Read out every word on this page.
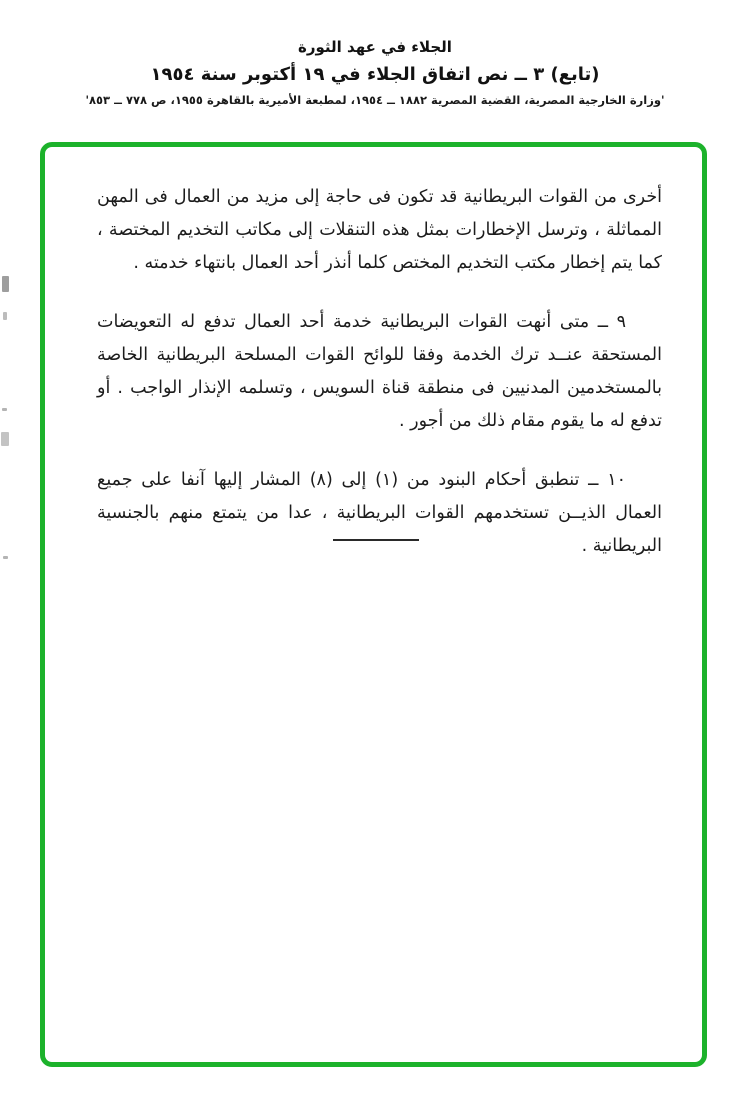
الجلاء في عهد الثورة
(تابع) ٣ ــ نص اتفاق الجلاء في ١٩ أكتوبر سنة ١٩٥٤
'وزارة الخارجية المصرية، القضية المصرية ١٨٨٢ ــ ١٩٥٤، لمطبعة الأميرية بالقاهرة ١٩٥٥، ص ٧٧٨ ــ ٨٥٣'

أخرى من القوات البريطانية قد تكون فى حاجة إلى مزيد من العمال فى المهن المماثلة ، وترسل الإخطارات بمثل هذه التنقلات إلى مكاتب التخديم المختصة ، كما يتم إخطار مكتب التخديم المختص كلما أنذر أحد العمال بانتهاء خدمته .

٩ ــ متى أنهت القوات البريطانية خدمة أحد العمال تدفع له التعويضات المستحقة عنــد ترك الخدمة وفقا للوائح القوات المسلحة البريطانية الخاصة بالمستخدمين المدنيين فى منطقة قناة السويس ، وتسلمه الإنذار الواجب . أو تدفع له ما يقوم مقام ذلك من أجور .

١٠ ــ تنطبق أحكام البنود من (١) إلى (٨) المشار إليها آنفا على جميع العمال الذيــن تستخدمهم القوات البريطانية ، عدا من يتمتع منهم بالجنسية البريطانية .
